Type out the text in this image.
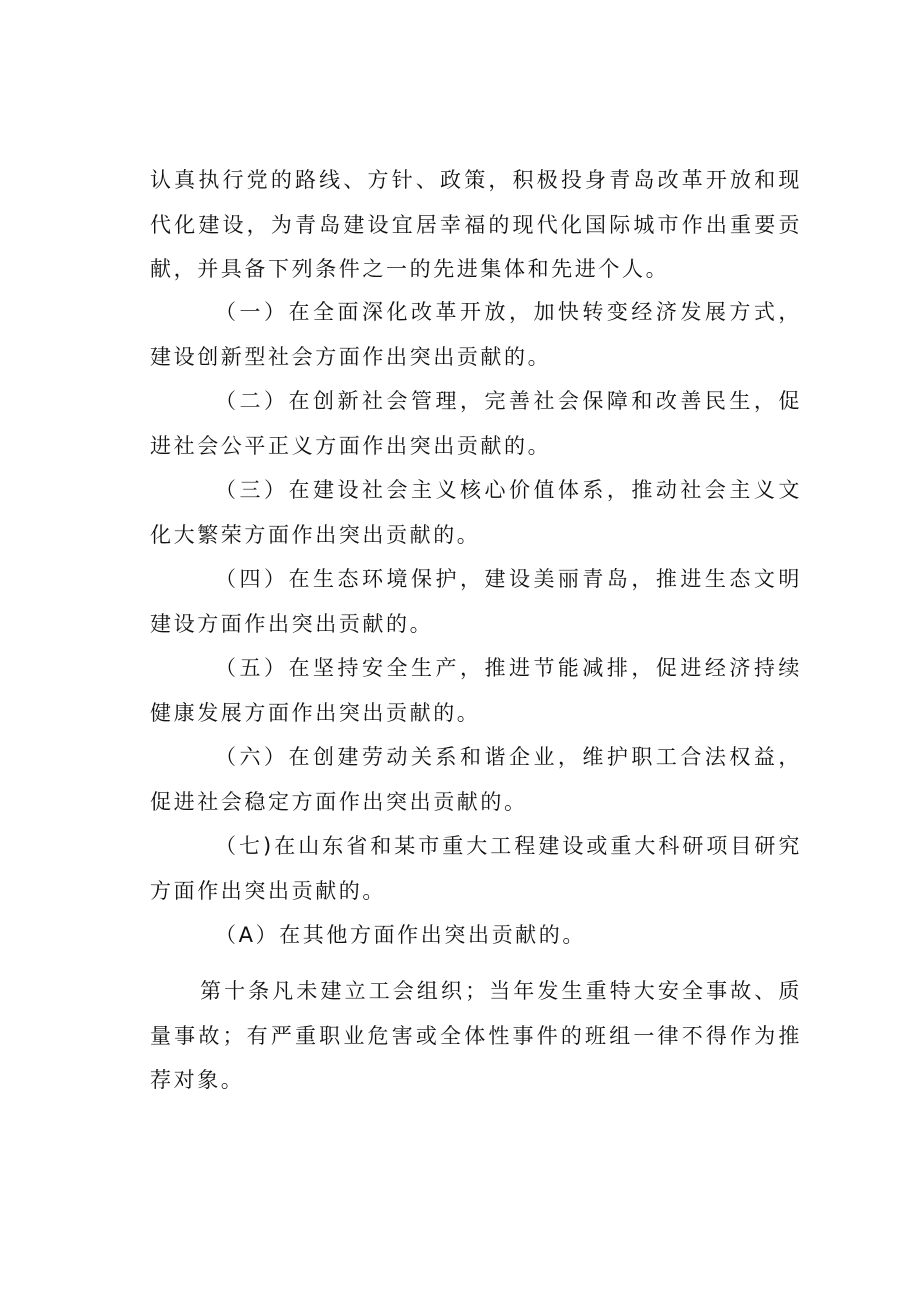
认真执行党的路线、方针、政策，积极投身青岛改革开放和现代化建设，为青岛建设宜居幸福的现代化国际城市作出重要贡献，并具备下列条件之一的先进集体和先进个人。

（一）在全面深化改革开放，加快转变经济发展方式，建设创新型社会方面作出突出贡献的。

（二）在创新社会管理，完善社会保障和改善民生，促进社会公平正义方面作出突出贡献的。

（三）在建设社会主义核心价值体系，推动社会主义文化大繁荣方面作出突出贡献的。

（四）在生态环境保护，建设美丽青岛，推进生态文明建设方面作出突出贡献的。

（五）在坚持安全生产，推进节能减排，促进经济持续健康发展方面作出突出贡献的。

（六）在创建劳动关系和谐企业，维护职工合法权益，促进社会稳定方面作出突出贡献的。

（七)在山东省和某市重大工程建设或重大科研项目研究方面作出突出贡献的。

（A）在其他方面作出突出贡献的。

第十条凡未建立工会组织；当年发生重特大安全事故、质量事故；有严重职业危害或全体性事件的班组一律不得作为推荐对象。
